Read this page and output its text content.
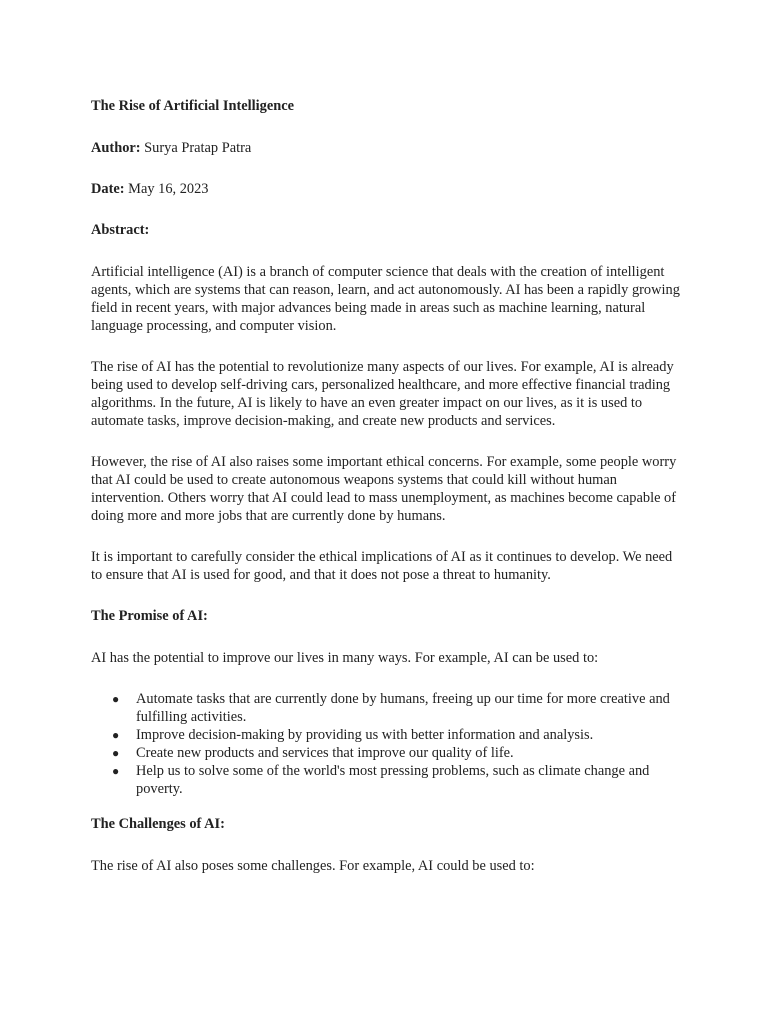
The Rise of Artificial Intelligence
Author: Surya Pratap Patra
Date: May 16, 2023
Abstract:

Artificial intelligence (AI) is a branch of computer science that deals with the creation of intelligent agents, which are systems that can reason, learn, and act autonomously. AI has been a rapidly growing field in recent years, with major advances being made in areas such as machine learning, natural language processing, and computer vision.

The rise of AI has the potential to revolutionize many aspects of our lives. For example, AI is already being used to develop self-driving cars, personalized healthcare, and more effective financial trading algorithms. In the future, AI is likely to have an even greater impact on our lives, as it is used to automate tasks, improve decision-making, and create new products and services.

However, the rise of AI also raises some important ethical concerns. For example, some people worry that AI could be used to create autonomous weapons systems that could kill without human intervention. Others worry that AI could lead to mass unemployment, as machines become capable of doing more and more jobs that are currently done by humans.

It is important to carefully consider the ethical implications of AI as it continues to develop. We need to ensure that AI is used for good, and that it does not pose a threat to humanity.

The Promise of AI:

AI has the potential to improve our lives in many ways. For example, AI can be used to:

● Automate tasks that are currently done by humans, freeing up our time for more creative and fulfilling activities.
● Improve decision-making by providing us with better information and analysis.
● Create new products and services that improve our quality of life.
● Help us to solve some of the world's most pressing problems, such as climate change and poverty.
The Challenges of AI:

The rise of AI also poses some challenges. For example, AI could be used to:
